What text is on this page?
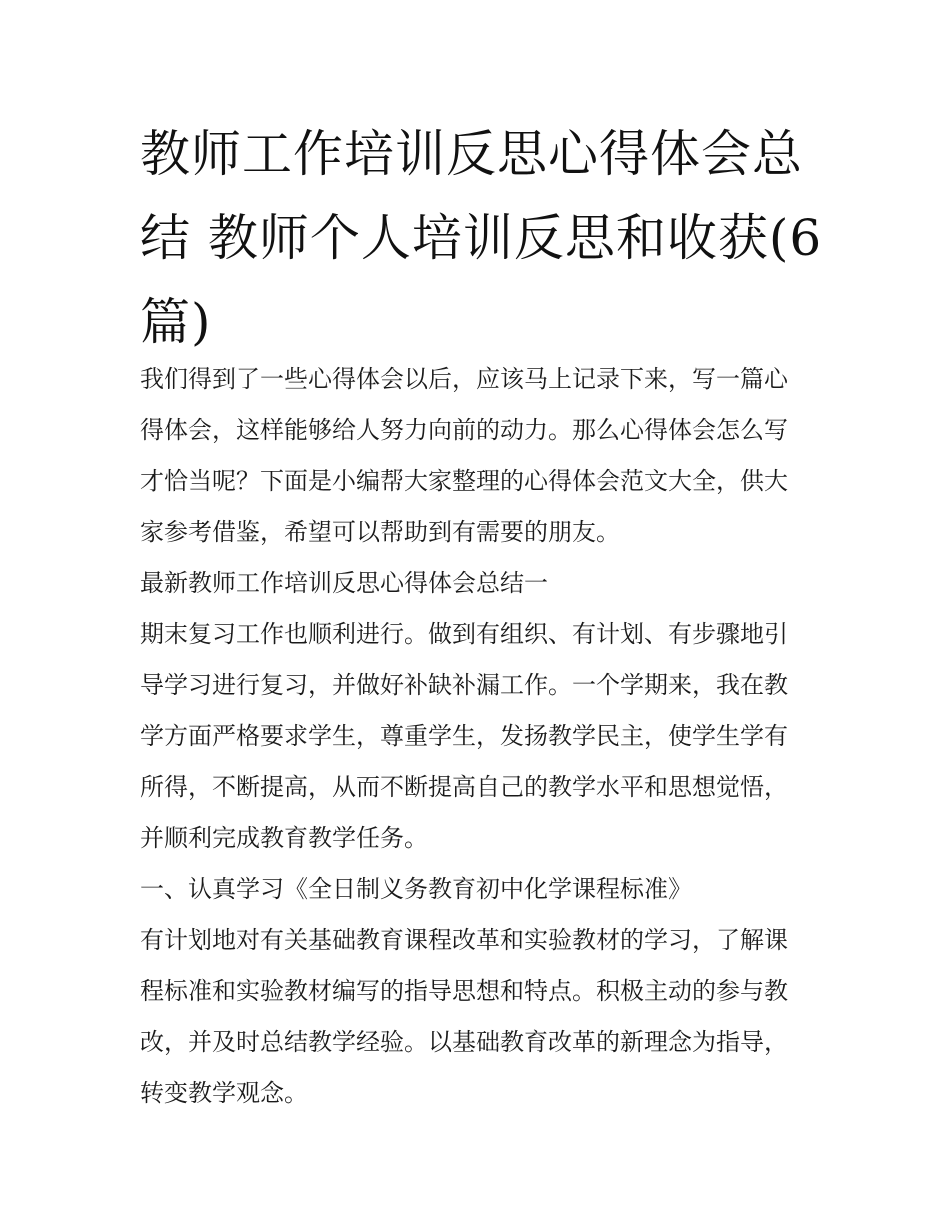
教师工作培训反思心得体会总
结 教师个人培训反思和收获(6
篇)
我们得到了一些心得体会以后，应该马上记录下来，写一篇心
得体会，这样能够给人努力向前的动力。那么心得体会怎么写
才恰当呢？下面是小编帮大家整理的心得体会范文大全，供大
家参考借鉴，希望可以帮助到有需要的朋友。
最新教师工作培训反思心得体会总结一
期末复习工作也顺利进行。做到有组织、有计划、有步骤地引
导学习进行复习，并做好补缺补漏工作。一个学期来，我在教
学方面严格要求学生，尊重学生，发扬教学民主，使学生学有
所得，不断提高，从而不断提高自己的教学水平和思想觉悟，
并顺利完成教育教学任务。
一、认真学习《全日制义务教育初中化学课程标准》
有计划地对有关基础教育课程改革和实验教材的学习，了解课
程标准和实验教材编写的指导思想和特点。积极主动的参与教
改，并及时总结教学经验。以基础教育改革的新理念为指导，
转变教学观念。
